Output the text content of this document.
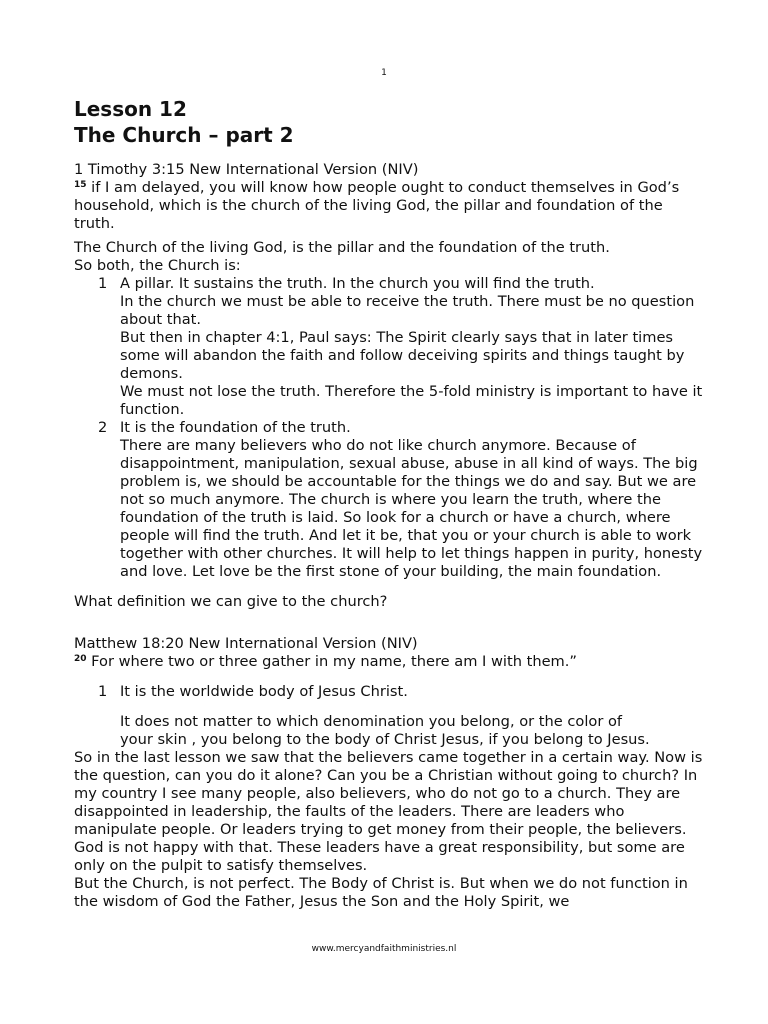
1
Lesson 12
The Church – part 2

1 Timothy 3:15 New International Version (NIV)

$^{15}$ if I am delayed, you will know how people ought to conduct themselves in God’s household, which is the church of the living God, the pillar and foundation of the truth.

The Church of the living God, is the pillar and the foundation of the truth.

So both, the Church is:

1 A pillar. It sustains the truth. In the church you will find the truth.

In the church we must be able to receive the truth. There must be no question about that.

But then in chapter 4:1, Paul says: The Spirit clearly says that in later times some will abandon the faith and follow deceiving spirits and things taught by demons.

We must not lose the truth. Therefore the 5-fold ministry is important to have it function.

2 It is the foundation of the truth.

There are many believers who do not like church anymore. Because of disappointment, manipulation, sexual abuse, abuse in all kind of ways. The big problem is, we should be accountable for the things we do and say. But we are not so much anymore. The church is where you learn the truth, where the foundation of the truth is laid. So look for a church or have a church, where people will find the truth. And let it be, that you or your church is able to work together with other churches. It will help to let things happen in purity, honesty and love. Let love be the first stone of your building, the main foundation.

What definition we can give to the church?

Matthew 18:20 New International Version (NIV)

$^{20}$ For where two or three gather in my name, there am I with them.”

1 It is the worldwide body of Jesus Christ.

It does not matter to which denomination you belong, or the color of

your skin , you belong to the body of Christ Jesus, if you belong to Jesus.

So in the last lesson we saw that the believers came together in a certain way. Now is the question, can you do it alone? Can you be a Christian without going to church? In my country I see many people, also believers, who do not go to a church. They are disappointed in leadership, the faults of the leaders. There are leaders who manipulate people. Or leaders trying to get money from their people, the believers. God is not happy with that. These leaders have a great responsibility, but some are only on the pulpit to satisfy themselves.

But the Church, is not perfect. The Body of Christ is. But when we do not function in the wisdom of God the Father, Jesus the Son and the Holy Spirit, we

www.mercyandfaithministries.nl
